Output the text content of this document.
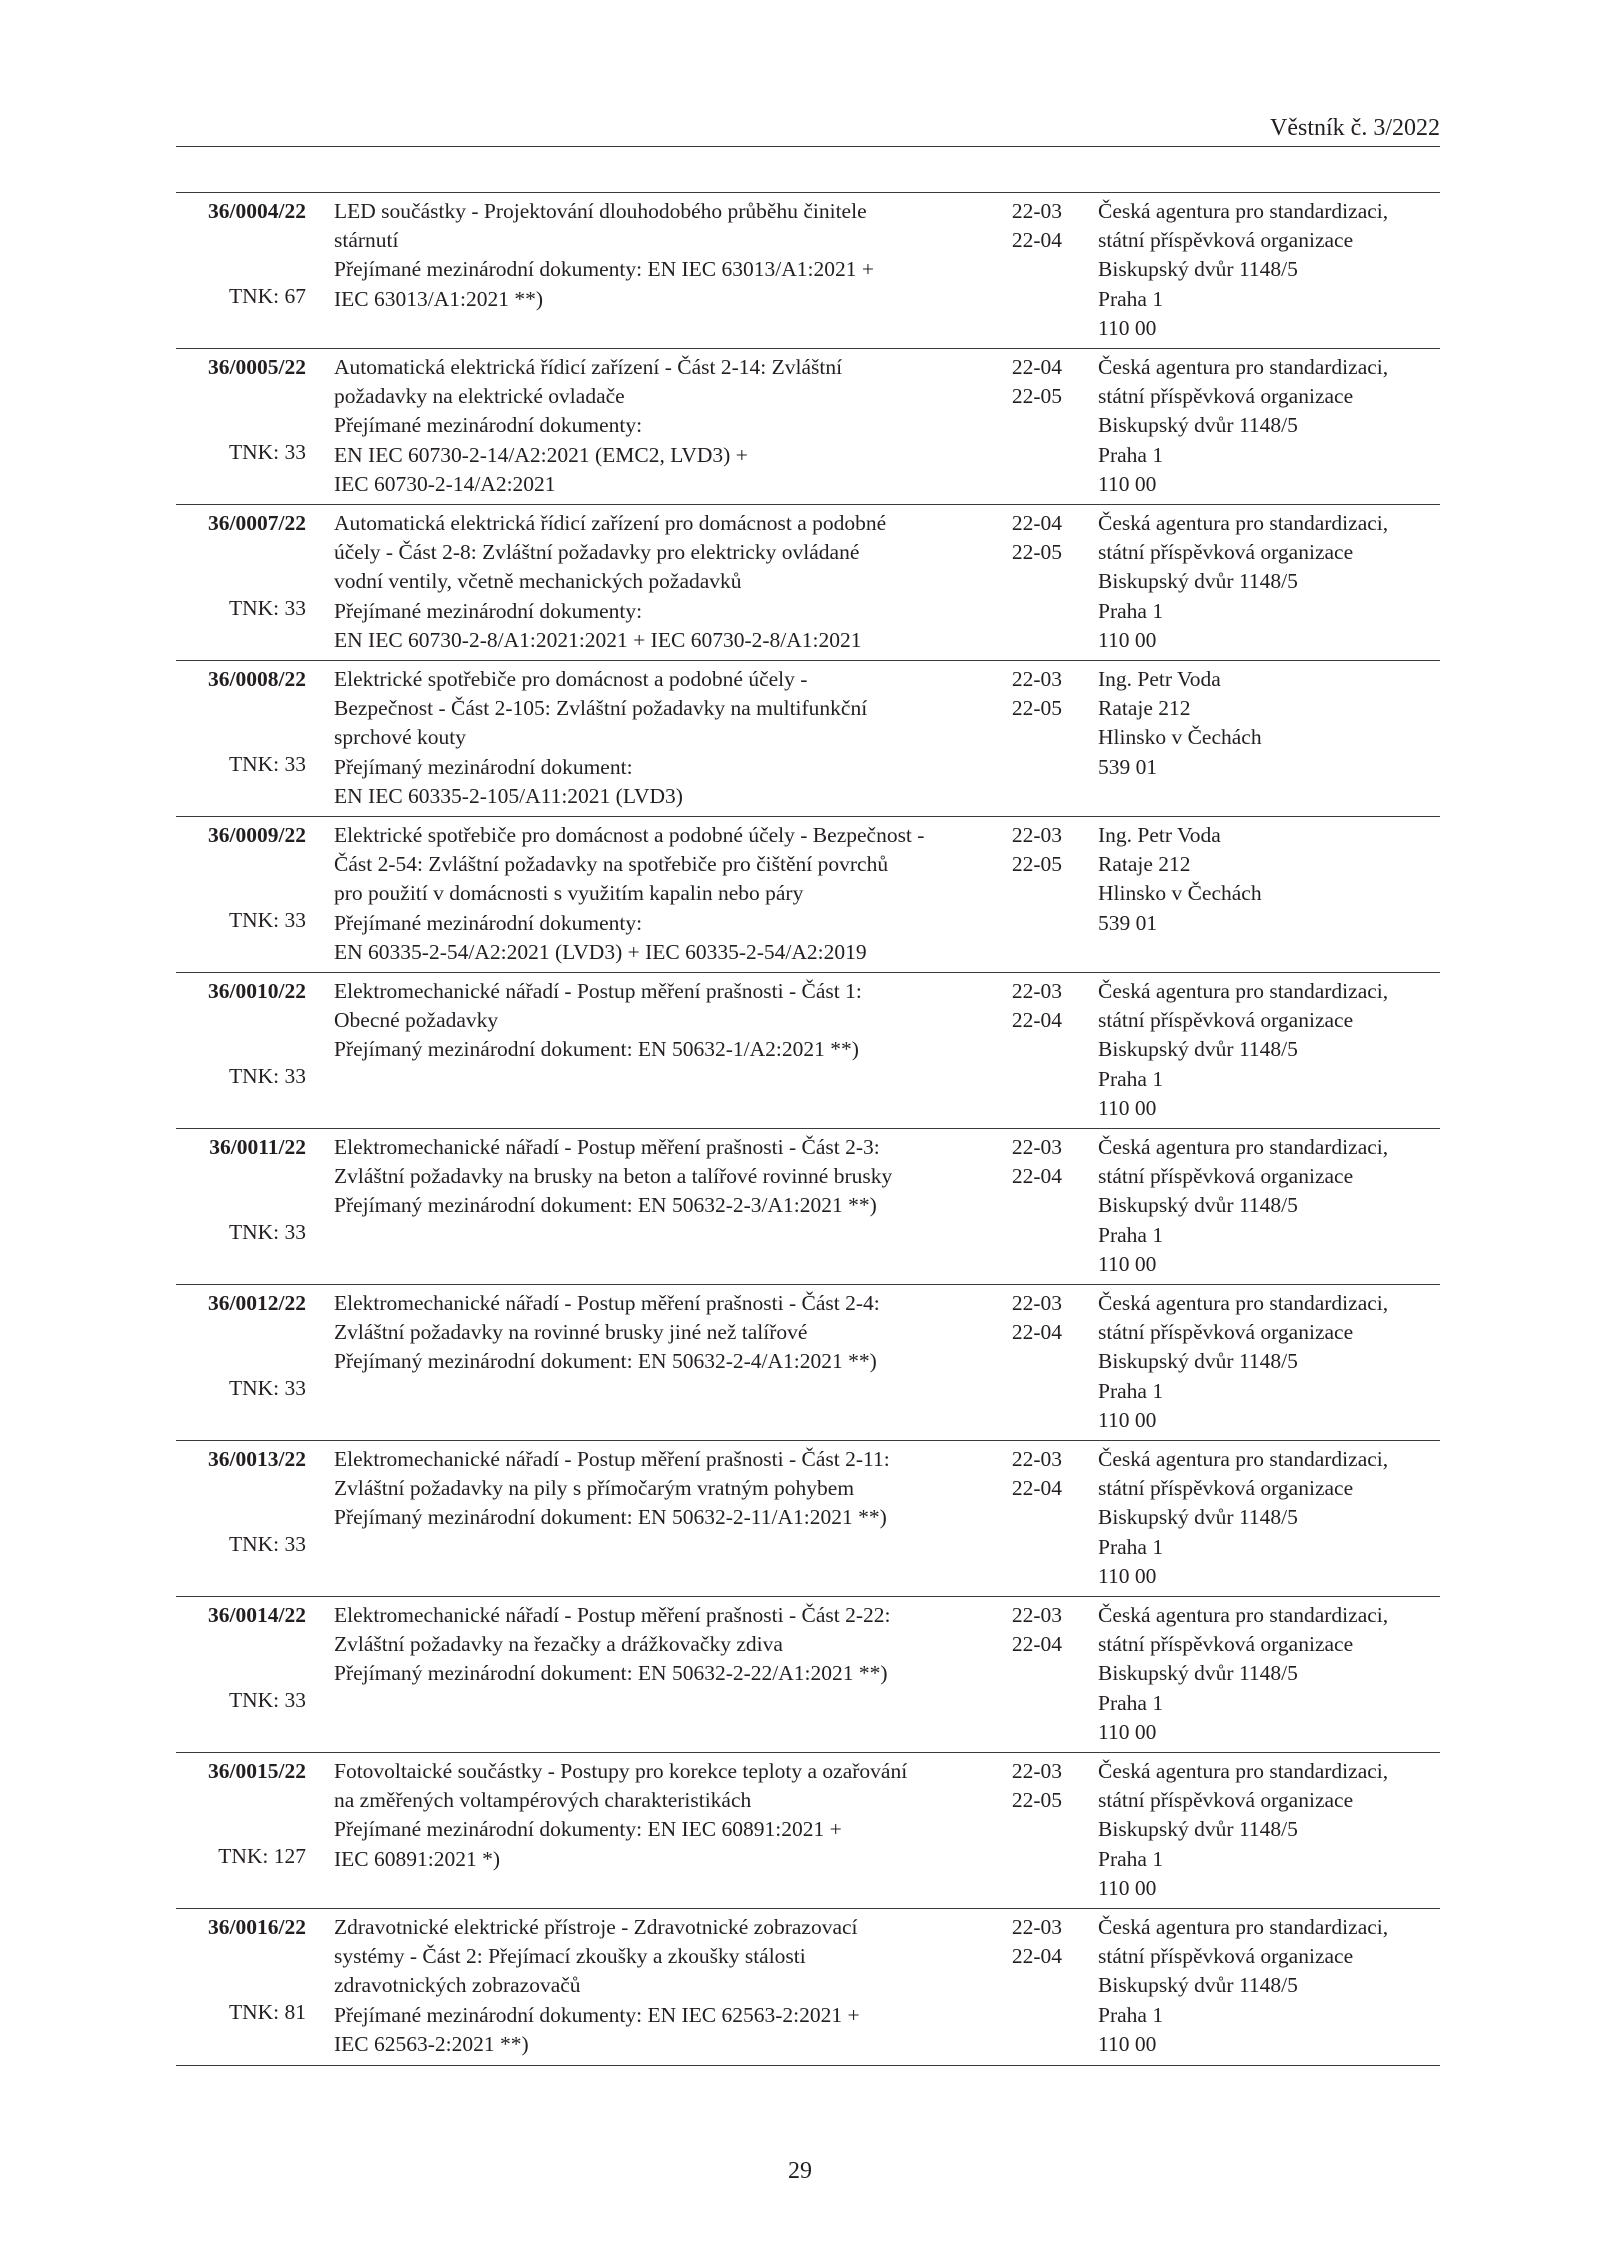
Věstník č. 3/2022
36/0004/22
TNK: 67
LED součástky - Projektování dlouhodobého průběhu činitele
stárnutí
Přejímané mezinárodní dokumenty: EN IEC 63013/A1:2021 +
IEC 63013/A1:2021 **)
22-03
22-04
Česká agentura pro standardizaci,
státní příspěvková organizace
Biskupský dvůr 1148/5
Praha 1
110 00
36/0005/22
TNK: 33
Automatická elektrická řídicí zařízení - Část 2-14: Zvláštní
požadavky na elektrické ovladače
Přejímané mezinárodní dokumenty:
EN IEC 60730-2-14/A2:2021 (EMC2, LVD3) +
IEC 60730-2-14/A2:2021
22-04
22-05
Česká agentura pro standardizaci,
státní příspěvková organizace
Biskupský dvůr 1148/5
Praha 1
110 00
36/0007/22
TNK: 33
Automatická elektrická řídicí zařízení pro domácnost a podobné
účely - Část 2-8: Zvláštní požadavky pro elektricky ovládané
vodní ventily, včetně mechanických požadavků
Přejímané mezinárodní dokumenty:
EN IEC 60730-2-8/A1:2021:2021 + IEC 60730-2-8/A1:2021
22-04
22-05
Česká agentura pro standardizaci,
státní příspěvková organizace
Biskupský dvůr 1148/5
Praha 1
110 00
36/0008/22
TNK: 33
Elektrické spotřebiče pro domácnost a podobné účely -
Bezpečnost - Část 2-105: Zvláštní požadavky na multifunkční
sprchové kouty
Přejímaný mezinárodní dokument:
EN IEC 60335-2-105/A11:2021 (LVD3)
22-03
22-05
Ing. Petr Voda
Rataje 212
Hlinsko v Čechách
539 01
36/0009/22
TNK: 33
Elektrické spotřebiče pro domácnost a podobné účely - Bezpečnost -
Část 2-54: Zvláštní požadavky na spotřebiče pro čištění povrchů
pro použití v domácnosti s využitím kapalin nebo páry
Přejímané mezinárodní dokumenty:
EN 60335-2-54/A2:2021 (LVD3) + IEC 60335-2-54/A2:2019
22-03
22-05
Ing. Petr Voda
Rataje 212
Hlinsko v Čechách
539 01
36/0010/22
TNK: 33
Elektromechanické nářadí - Postup měření prašnosti - Část 1:
Obecné požadavky
Přejímaný mezinárodní dokument: EN 50632-1/A2:2021 **)
22-03
22-04
Česká agentura pro standardizaci,
státní příspěvková organizace
Biskupský dvůr 1148/5
Praha 1
110 00
36/0011/22
TNK: 33
Elektromechanické nářadí - Postup měření prašnosti - Část 2-3:
Zvláštní požadavky na brusky na beton a talířové rovinné brusky
Přejímaný mezinárodní dokument: EN 50632-2-3/A1:2021 **)
22-03
22-04
Česká agentura pro standardizaci,
státní příspěvková organizace
Biskupský dvůr 1148/5
Praha 1
110 00
36/0012/22
TNK: 33
Elektromechanické nářadí - Postup měření prašnosti - Část 2-4:
Zvláštní požadavky na rovinné brusky jiné než talířové
Přejímaný mezinárodní dokument: EN 50632-2-4/A1:2021 **)
22-03
22-04
Česká agentura pro standardizaci,
státní příspěvková organizace
Biskupský dvůr 1148/5
Praha 1
110 00
36/0013/22
TNK: 33
Elektromechanické nářadí - Postup měření prašnosti - Část 2-11:
Zvláštní požadavky na pily s přímočarým vratným pohybem
Přejímaný mezinárodní dokument: EN 50632-2-11/A1:2021 **)
22-03
22-04
Česká agentura pro standardizaci,
státní příspěvková organizace
Biskupský dvůr 1148/5
Praha 1
110 00
36/0014/22
TNK: 33
Elektromechanické nářadí - Postup měření prašnosti - Část 2-22:
Zvláštní požadavky na řezačky a drážkovačky zdiva
Přejímaný mezinárodní dokument: EN 50632-2-22/A1:2021 **)
22-03
22-04
Česká agentura pro standardizaci,
státní příspěvková organizace
Biskupský dvůr 1148/5
Praha 1
110 00
36/0015/22
TNK: 127
Fotovoltaické součástky - Postupy pro korekce teploty a ozařování
na změřených voltampérových charakteristikách
Přejímané mezinárodní dokumenty: EN IEC 60891:2021 +
IEC 60891:2021 *)
22-03
22-05
Česká agentura pro standardizaci,
státní příspěvková organizace
Biskupský dvůr 1148/5
Praha 1
110 00
36/0016/22
TNK: 81
Zdravotnické elektrické přístroje - Zdravotnické zobrazovací
systémy - Část 2: Přejímací zkoušky a zkoušky stálosti
zdravotnických zobrazovačů
Přejímané mezinárodní dokumenty: EN IEC 62563-2:2021 +
IEC 62563-2:2021 **)
22-03
22-04
Česká agentura pro standardizaci,
státní příspěvková organizace
Biskupský dvůr 1148/5
Praha 1
110 00
29
